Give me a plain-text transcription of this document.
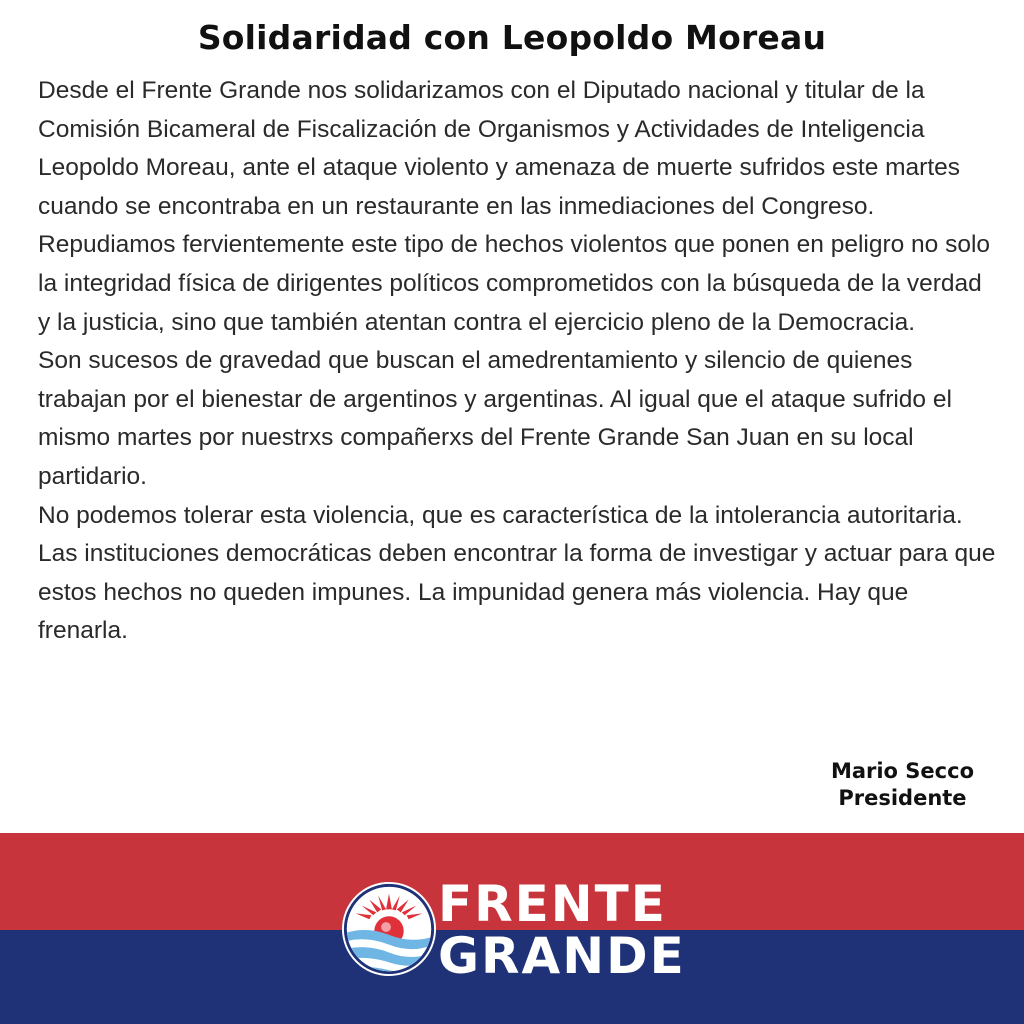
Solidaridad con Leopoldo Moreau

Desde el Frente Grande nos solidarizamos con el Diputado nacional y titular de la Comisión Bicameral de Fiscalización de Organismos y Actividades de Inteligencia Leopoldo Moreau, ante el ataque violento y amenaza de muerte sufridos este martes cuando se encontraba en un restaurante en las inmediaciones del Congreso.

Repudiamos fervientemente este tipo de hechos violentos que ponen en peligro no solo la integridad física de dirigentes políticos comprometidos con la búsqueda de la verdad y la justicia, sino que también atentan contra el ejercicio pleno de la Democracia.

Son sucesos de gravedad que buscan el amedrentamiento y silencio de quienes trabajan por el bienestar de argentinos y argentinas. Al igual que el ataque sufrido el mismo martes por nuestrxs compañerxs del Frente Grande San Juan en su local partidario.

No podemos tolerar esta violencia, que es característica de la intolerancia autoritaria. Las instituciones democráticas deben encontrar la forma de investigar y actuar para que estos hechos no queden impunes. La impunidad genera más violencia. Hay que frenarla.

Mario Secco
Presidente
FRENTE
GRANDE
